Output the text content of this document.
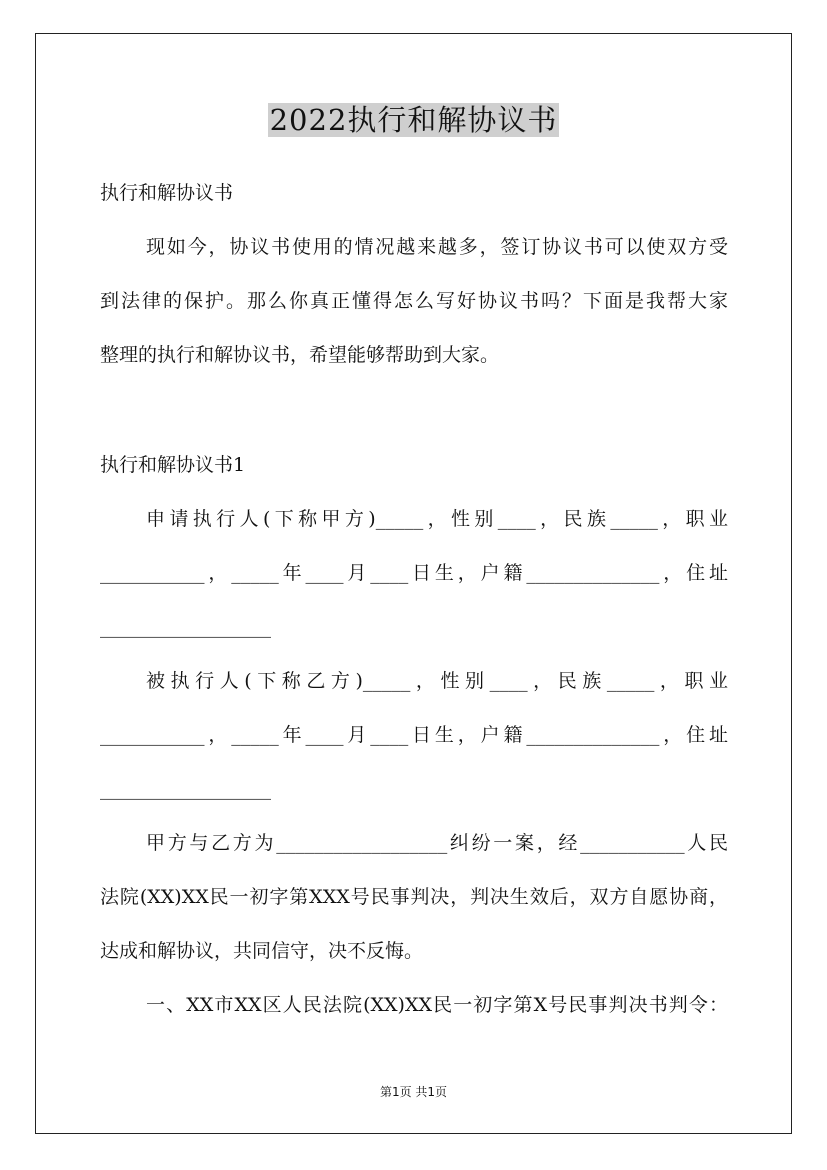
2022执行和解协议书
执行和解协议书
现如今，协议书使用的情况越来越多，签订协议书可以使双方受
到法律的保护。那么你真正懂得怎么写好协议书吗？下面是我帮大家
整理的执行和解协议书，希望能够帮助到大家。
执行和解协议书1
申请执行人(下称甲方)_____，性别____，民族_____，职业
___________，_____年____月____日生，户籍______________，住址
__________________
被执行人(下称乙方)_____，性别____，民族_____，职业
___________，_____年____月____日生，户籍______________，住址
__________________
甲方与乙方为__________________纠纷一案，经___________人民
法院(XX)XX民一初字第XXX号民事判决，判决生效后，双方自愿协商，
达成和解协议，共同信守，决不反悔。
一、XX市XX区人民法院(XX)XX民一初字第X号民事判决书判令：
第1页 共1页
